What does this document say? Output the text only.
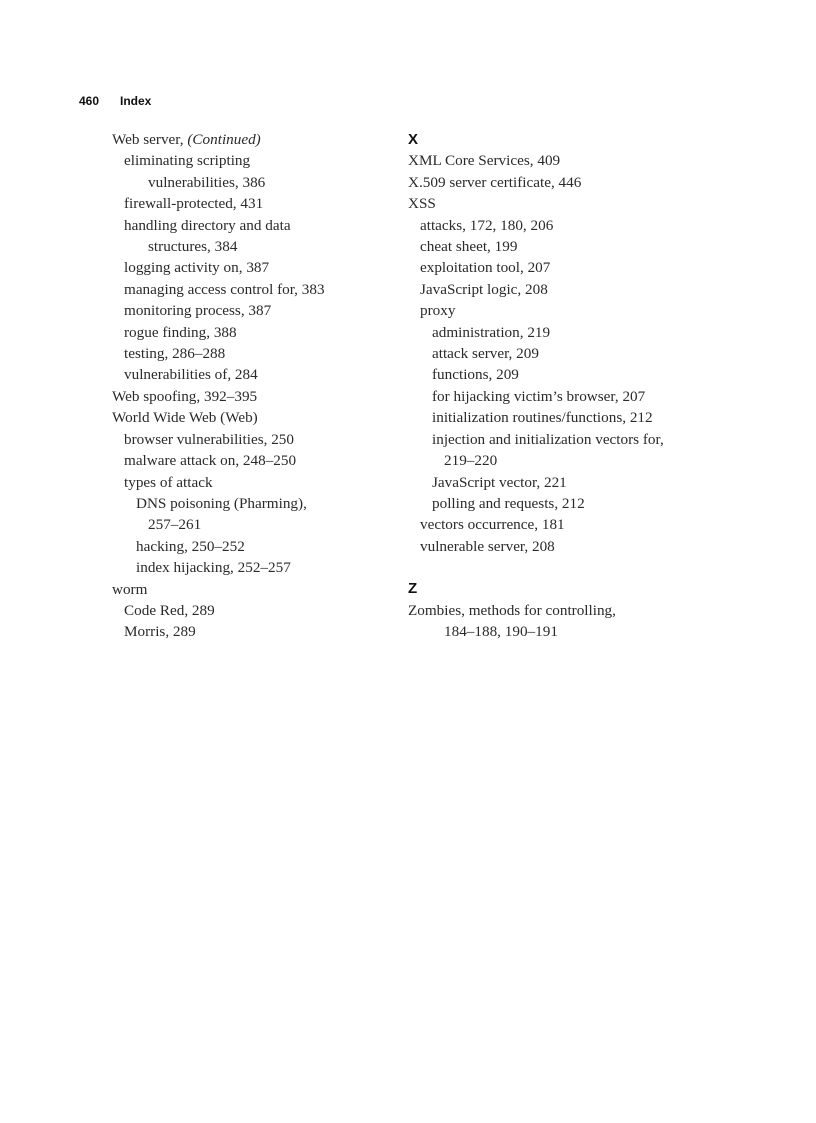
460 Index

Web server, (Continued)

eliminating scripting

vulnerabilities, 386

firewall-protected, 431

handling directory and data

structures, 384

logging activity on, 387

managing access control for, 383

monitoring process, 387

rogue finding, 388

testing, 286–288

vulnerabilities of, 284

Web spoofing, 392–395

World Wide Web (Web)

browser vulnerabilities, 250

malware attack on, 248–250

types of attack

DNS poisoning (Pharming),

257–261

hacking, 250–252

index hijacking, 252–257

worm

Code Red, 289

Morris, 289

X

XML Core Services, 409

X.509 server certificate, 446

XSS

attacks, 172, 180, 206

cheat sheet, 199

exploitation tool, 207

JavaScript logic, 208

proxy

administration, 219

attack server, 209

functions, 209

for hijacking victim’s browser, 207

initialization routines/functions, 212

injection and initialization vectors for,

219–220

JavaScript vector, 221

polling and requests, 212

vectors occurrence, 181

vulnerable server, 208

Z

Zombies, methods for controlling,

184–188, 190–191
